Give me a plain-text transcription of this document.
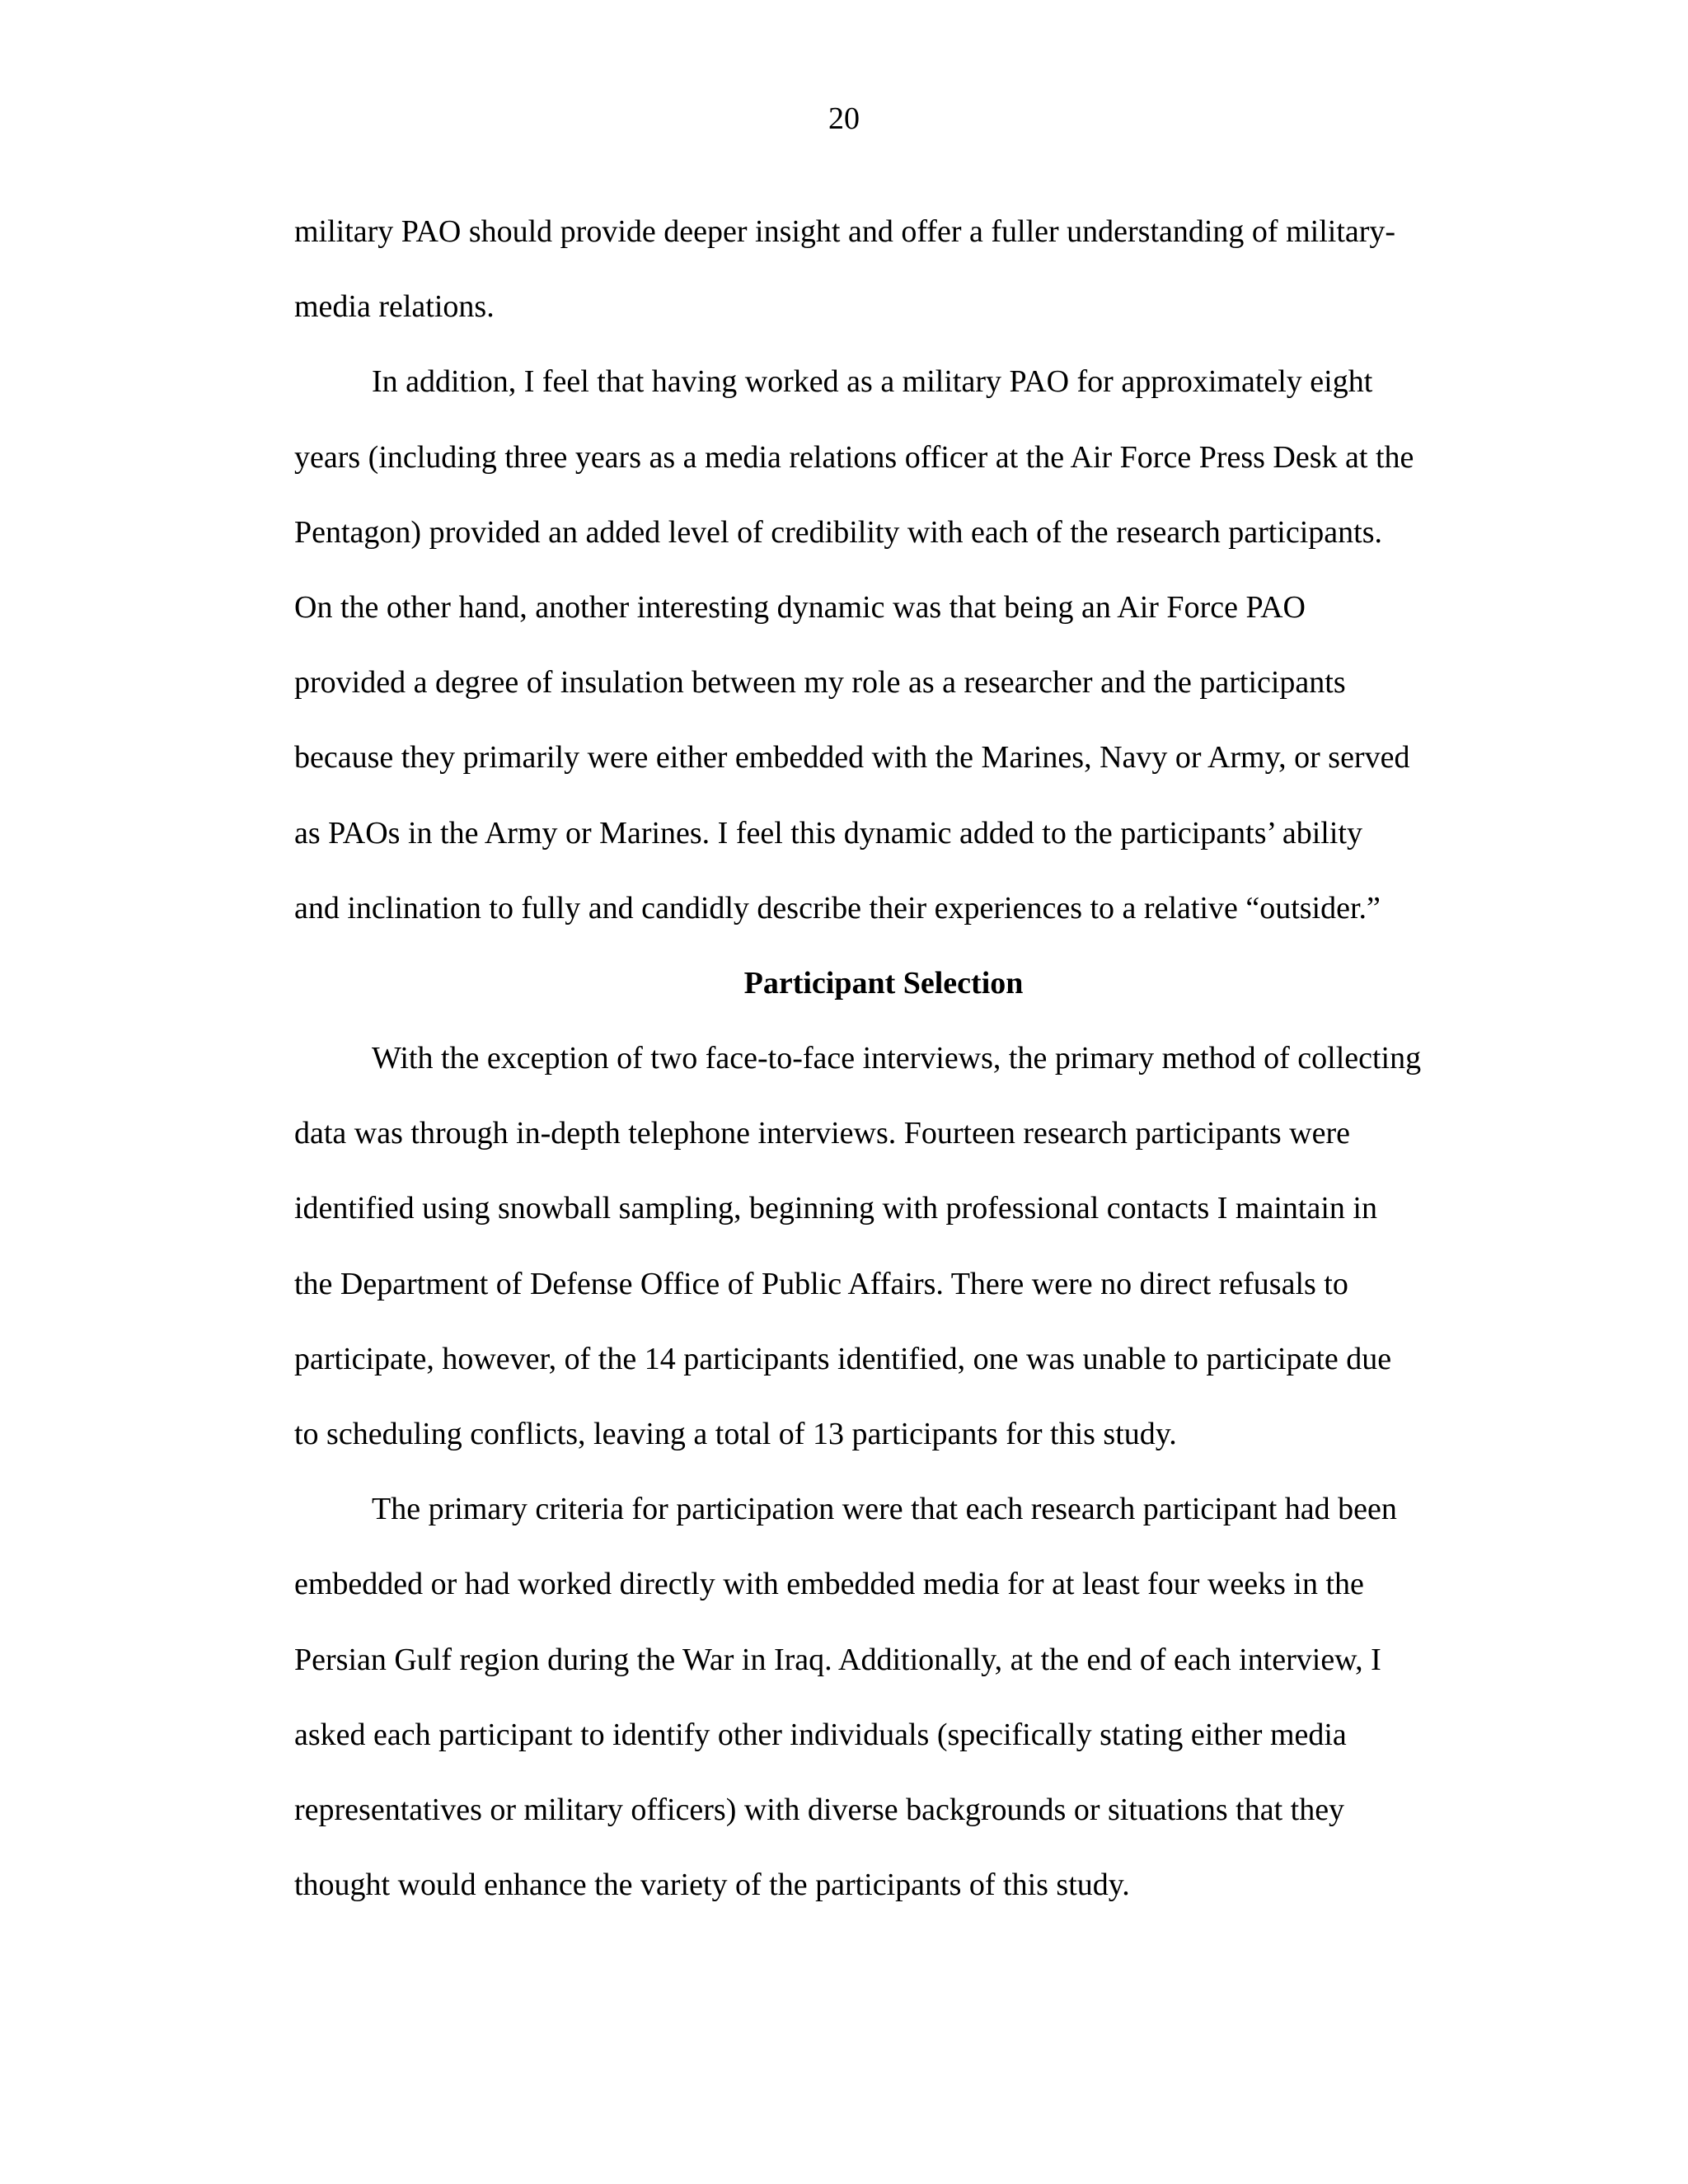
20
military PAO should provide deeper insight and offer a fuller understanding of military-
media relations.
In addition, I feel that having worked as a military PAO for approximately eight
years (including three years as a media relations officer at the Air Force Press Desk at the
Pentagon) provided an added level of credibility with each of the research participants.
On the other hand, another interesting dynamic was that being an Air Force PAO
provided a degree of insulation between my role as a researcher and the participants
because they primarily were either embedded with the Marines, Navy or Army, or served
as PAOs in the Army or Marines. I feel this dynamic added to the participants’ ability
and inclination to fully and candidly describe their experiences to a relative “outsider.”
Participant Selection
With the exception of two face-to-face interviews, the primary method of collecting
data was through in-depth telephone interviews. Fourteen research participants were
identified using snowball sampling, beginning with professional contacts I maintain in
the Department of Defense Office of Public Affairs. There were no direct refusals to
participate, however, of the 14 participants identified, one was unable to participate due
to scheduling conflicts, leaving a total of 13 participants for this study.
The primary criteria for participation were that each research participant had been
embedded or had worked directly with embedded media for at least four weeks in the
Persian Gulf region during the War in Iraq. Additionally, at the end of each interview, I
asked each participant to identify other individuals (specifically stating either media
representatives or military officers) with diverse backgrounds or situations that they
thought would enhance the variety of the participants of this study.
